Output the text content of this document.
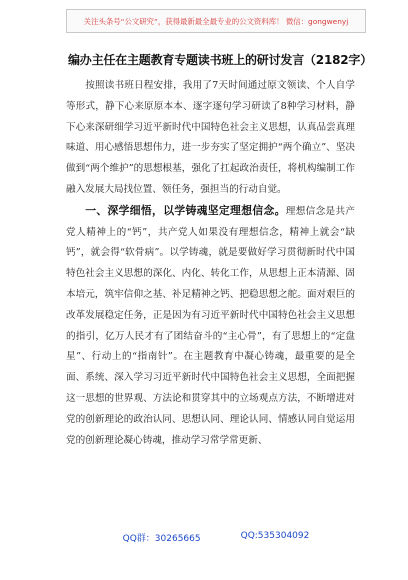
关注头条号“公文研究”，获得最新最全最专业的公文资料库！ 微信：gongwenyj
编办主任在主题教育专题读书班上的研讨发言（2182字）

按照读书班日程安排，我用了7天时间通过原文领读、个人自学等形式，静下心来原原本本、逐字逐句学习研读了8种学习材料，静下心来深研细学习近平新时代中国特色社会主义思想，认真品尝真理味道、用心感悟思想伟力，进一步夯实了坚定拥护“两个确立”、坚决做到“两个维护”的思想根基，强化了扛起政治责任，将机构编制工作融入发展大局找位置、领任务，强担当的行动自觉。

一、深学细悟，以学铸魂坚定理想信念。理想信念是共产党人精神上的“钙”，共产党人如果没有理想信念，精神上就会“缺钙”，就会得“软骨病”。以学铸魂，就是要做好学习贯彻新时代中国特色社会主义思想的深化、内化、转化工作，从思想上正本清源、固本培元，筑牢信仰之基、补足精神之钙、把稳思想之舵。面对艰巨的改革发展稳定任务，正是因为有习近平新时代中国特色社会主义思想的指引，亿万人民才有了团结奋斗的“主心骨”，有了思想上的“定盘星”、行动上的“指南针”。在主题教育中凝心铸魂，最重要的是全面、系统、深入学习习近平新时代中国特色社会主义思想，全面把握这一思想的世界观、方法论和贯穿其中的立场观点方法，不断增进对党的创新理论的政治认同、思想认同、理论认同、情感认同自觉运用党的创新理论凝心铸魂，推动学习常学常更新、

QQ群：30265665	QQ:535304092
